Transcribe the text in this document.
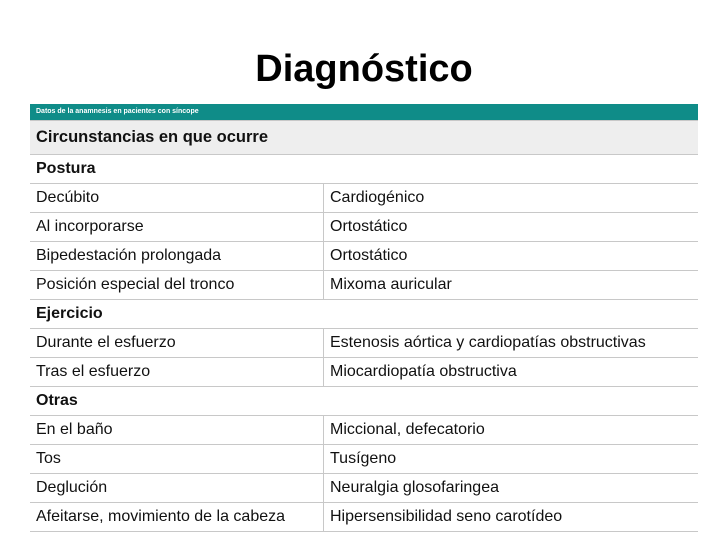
Diagnóstico
Datos de la anamnesis en pacientes con síncope
Circunstancias en que ocurre
Postura
Decúbito	Cardiogénico
Al incorporarse	Ortostático
Bipedestación prolongada	Ortostático
Posición especial del tronco	Mixoma auricular
Ejercicio
Durante el esfuerzo	Estenosis aórtica y cardiopatías obstructivas
Tras el esfuerzo	Miocardiopatía obstructiva
Otras
En el baño	Miccional, defecatorio
Tos	Tusígeno
Deglución	Neuralgia glosofaringea
Afeitarse, movimiento de la cabeza	Hipersensibilidad seno carotídeo
